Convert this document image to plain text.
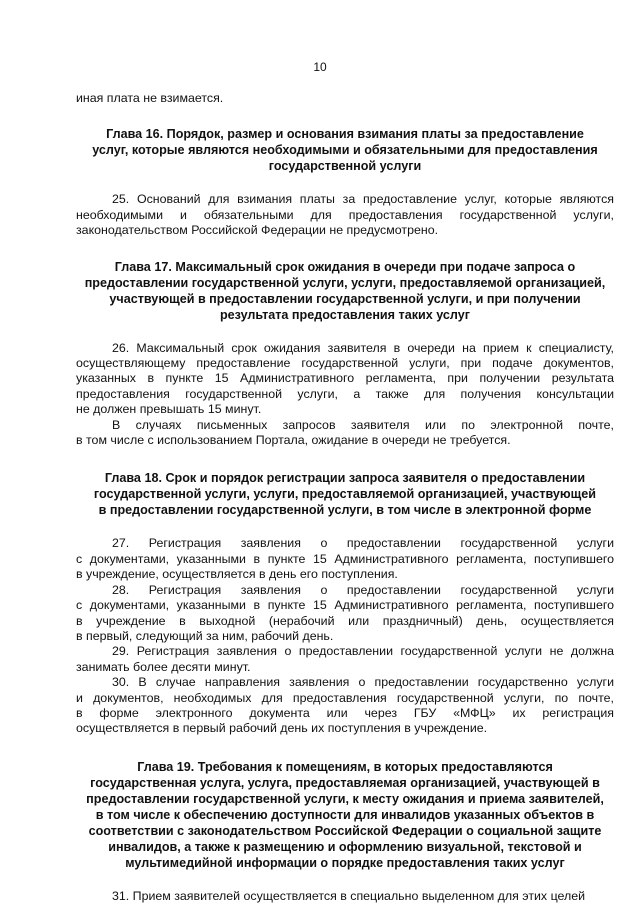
10
иная плата не взимается.
Глава 16. Порядок, размер и основания взимания платы за предоставление
услуг, которые являются необходимыми и обязательными для предоставления
государственной услуги
25. Оснований для взимания платы за предоставление услуг, которые являются
необходимыми и обязательными для предоставления государственной услуги,
законодательством Российской Федерации не предусмотрено.
Глава 17. Максимальный срок ожидания в очереди при подаче запроса о
предоставлении государственной услуги, услуги, предоставляемой организацией,
участвующей в предоставлении государственной услуги, и при получении
результата предоставления таких услуг
26. Максимальный срок ожидания заявителя в очереди на прием к специалисту,
осуществляющему предоставление государственной услуги, при подаче документов,
указанных в пункте 15 Административного регламента, при получении результата
предоставления государственной услуги, а также для получения консультации
не должен превышать 15 минут.
В случаях письменных запросов заявителя или по электронной почте,
в том числе с использованием Портала, ожидание в очереди не требуется.
Глава 18. Срок и порядок регистрации запроса заявителя о предоставлении
государственной услуги, услуги, предоставляемой организацией, участвующей
в предоставлении государственной услуги, в том числе в электронной форме
27. Регистрация заявления о предоставлении государственной услуги
с документами, указанными в пункте 15 Административного регламента, поступившего
в учреждение, осуществляется в день его поступления.
28. Регистрация заявления о предоставлении государственной услуги
с документами, указанными в пункте 15 Административного регламента, поступившего
в учреждение в выходной (нерабочий или праздничный) день, осуществляется
в первый, следующий за ним, рабочий день.
29. Регистрация заявления о предоставлении государственной услуги не должна
занимать более десяти минут.
30. В случае направления заявления о предоставлении государственно услуги
и документов, необходимых для предоставления государственной услуги, по почте,
в форме электронного документа или через ГБУ «МФЦ» их регистрация
осуществляется в первый рабочий день их поступления в учреждение.
Глава 19. Требования к помещениям, в которых предоставляются
государственная услуга, услуга, предоставляемая организацией, участвующей в
предоставлении государственной услуги, к месту ожидания и приема заявителей,
в том числе к обеспечению доступности для инвалидов указанных объектов в
соответствии с законодательством Российской Федерации о социальной защите
инвалидов, а также к размещению и оформлению визуальной, текстовой и
мультимедийной информации о порядке предоставления таких услуг
31. Прием заявителей осуществляется в специально выделенном для этих целей
